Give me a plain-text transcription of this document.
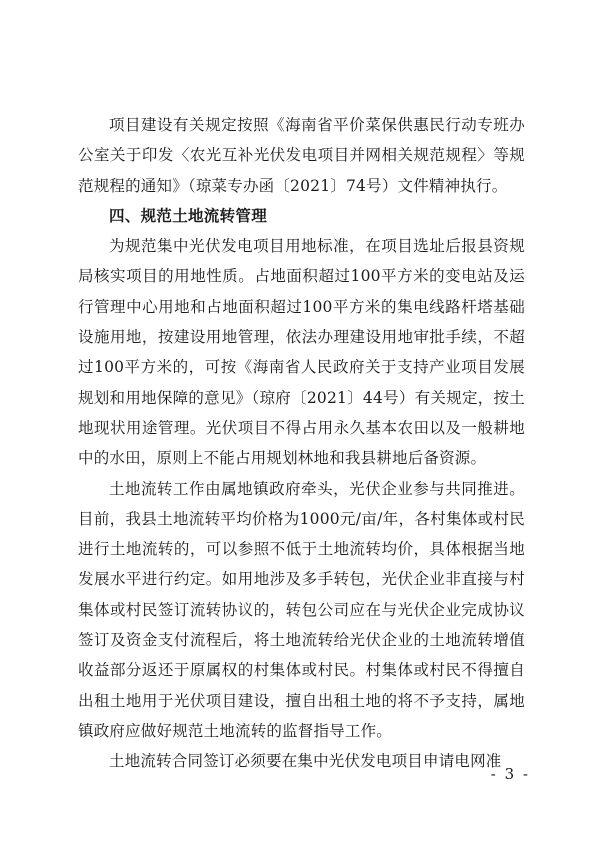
项目建设有关规定按照《海南省平价菜保供惠民行动专班办公室关于印发〈农光互补光伏发电项目并网相关规范规程〉等规范规程的通知》（琼菜专办函〔2021〕74号）文件精神执行。

四、规范土地流转管理

为规范集中光伏发电项目用地标准，在项目选址后报县资规局核实项目的用地性质。占地面积超过100平方米的变电站及运行管理中心用地和占地面积超过100平方米的集电线路杆塔基础设施用地，按建设用地管理，依法办理建设用地审批手续，不超过100平方米的，可按《海南省人民政府关于支持产业项目发展规划和用地保障的意见》（琼府〔2021〕44号）有关规定，按土地现状用途管理。光伏项目不得占用永久基本农田以及一般耕地中的水田，原则上不能占用规划林地和我县耕地后备资源。

土地流转工作由属地镇政府牵头，光伏企业参与共同推进。目前，我县土地流转平均价格为1000元/亩/年，各村集体或村民进行土地流转的，可以参照不低于土地流转均价，具体根据当地发展水平进行约定。如用地涉及多手转包，光伏企业非直接与村集体或村民签订流转协议的，转包公司应在与光伏企业完成协议签订及资金支付流程后，将土地流转给光伏企业的土地流转增值收益部分返还于原属权的村集体或村民。村集体或村民不得擅自出租土地用于光伏项目建设，擅自出租土地的将不予支持，属地镇政府应做好规范土地流转的监督指导工作。

土地流转合同签订必须要在集中光伏发电项目申请电网准

- 3 -
